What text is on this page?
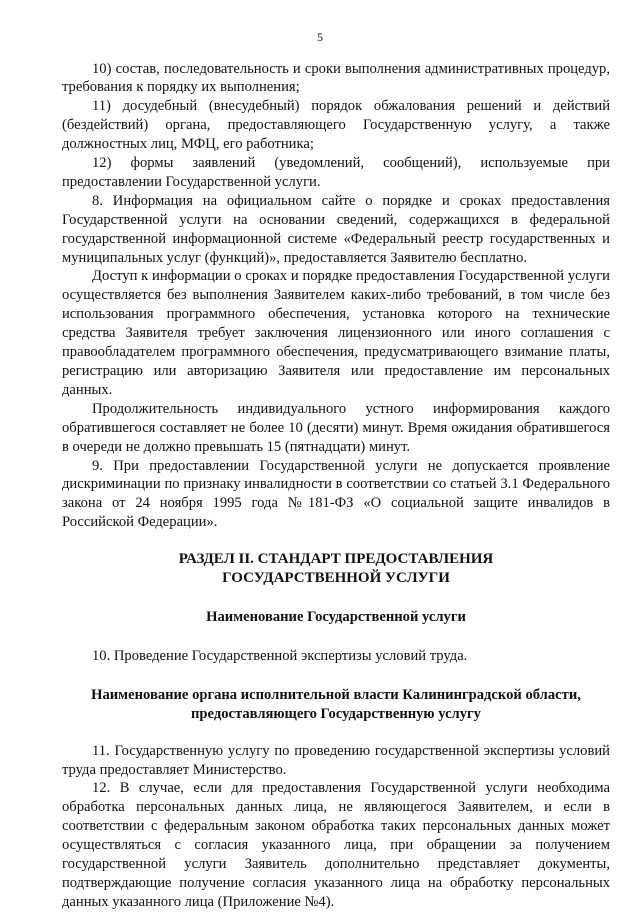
5

10) состав, последовательность и сроки выполнения административных процедур, требования к порядку их выполнения;

11) досудебный (внесудебный) порядок обжалования решений и действий (бездействий) органа, предоставляющего Государственную услугу, а также должностных лиц, МФЦ, его работника;

12) формы заявлений (уведомлений, сообщений), используемые при предоставлении Государственной услуги.

8. Информация на официальном сайте о порядке и сроках предоставления Государственной услуги на основании сведений, содержащихся в федеральной государственной информационной системе «Федеральный реестр государственных и муниципальных услуг (функций)», предоставляется Заявителю бесплатно.

Доступ к информации о сроках и порядке предоставления Государственной услуги осуществляется без выполнения Заявителем каких-либо требований, в том числе без использования программного обеспечения, установка которого на технические средства Заявителя требует заключения лицензионного или иного соглашения с правообладателем программного обеспечения, предусматривающего взимание платы, регистрацию или авторизацию Заявителя или предоставление им персональных данных.

Продолжительность индивидуального устного информирования каждого обратившегося составляет не более 10 (десяти) минут. Время ожидания обратившегося в очереди не должно превышать 15 (пятнадцати) минут.

9. При предоставлении Государственной услуги не допускается проявление дискриминации по признаку инвалидности в соответствии со статьей 3.1 Федерального закона от 24 ноября 1995 года №181-ФЗ «О социальной защите инвалидов в Российской Федерации».

РАЗДЕЛ II. СТАНДАРТ ПРЕДОСТАВЛЕНИЯ ГОСУДАРСТВЕННОЙ УСЛУГИ

Наименование Государственной услуги

10. Проведение Государственной экспертизы условий труда.

Наименование органа исполнительной власти Калининградской области, предоставляющего Государственную услугу

11. Государственную услугу по проведению государственной экспертизы условий труда предоставляет Министерство.

12. В случае, если для предоставления Государственной услуги необходима обработка персональных данных лица, не являющегося Заявителем, и если в соответствии с федеральным законом обработка таких персональных данных может осуществляться с согласия указанного лица, при обращении за получением государственной услуги Заявитель дополнительно представляет документы, подтверждающие получение согласия указанного лица на обработку персональных данных указанного лица (Приложение №4).
